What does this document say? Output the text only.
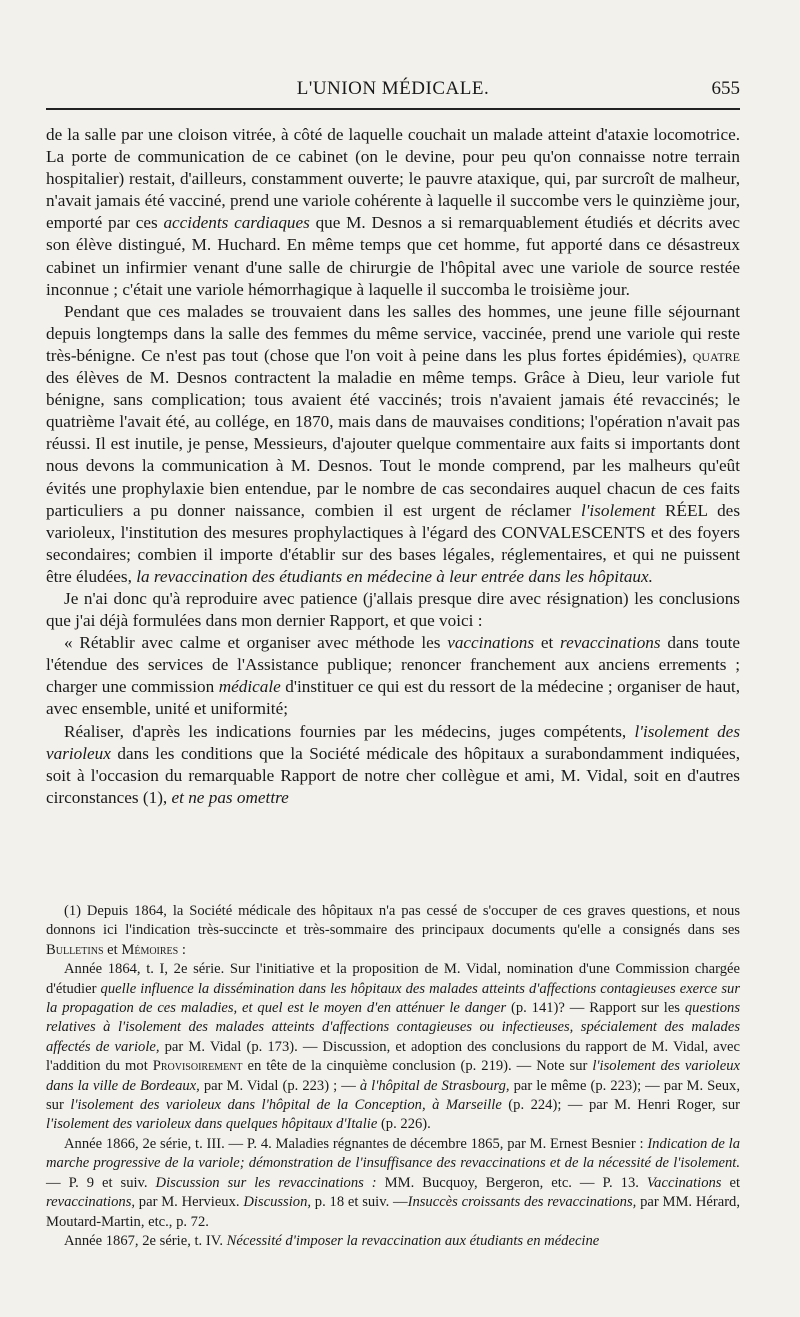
L'UNION MÉDICALE.	655

de la salle par une cloison vitrée, à côté de laquelle couchait un malade atteint d'ataxie locomotrice. La porte de communication de ce cabinet (on le devine, pour peu qu'on connaisse notre terrain hospitalier) restait, d'ailleurs, constamment ouverte; le pauvre ataxique, qui, par surcroît de malheur, n'avait jamais été vacciné, prend une variole cohérente à laquelle il succombe vers le quinzième jour, emporté par ces accidents cardiaques que M. Desnos a si remarquablement étudiés et décrits avec son élève distingué, M. Huchard. En même temps que cet homme, fut apporté dans ce désastreux cabinet un infirmier venant d'une salle de chirurgie de l'hôpital avec une variole de source restée inconnue ; c'était une variole hémorrhagique à laquelle il succomba le troisième jour.

Pendant que ces malades se trouvaient dans les salles des hommes, une jeune fille séjournant depuis longtemps dans la salle des femmes du même service, vaccinée, prend une variole qui reste très-bénigne. Ce n'est pas tout (chose que l'on voit à peine dans les plus fortes épidémies), quatre des élèves de M. Desnos contractent la maladie en même temps. Grâce à Dieu, leur variole fut bénigne, sans complication; tous avaient été vaccinés; trois n'avaient jamais été revaccinés; le quatrième l'avait été, au collége, en 1870, mais dans de mauvaises conditions; l'opération n'avait pas réussi. Il est inutile, je pense, Messieurs, d'ajouter quelque commentaire aux faits si importants dont nous devons la communication à M. Desnos. Tout le monde comprend, par les malheurs qu'eût évités une prophylaxie bien entendue, par le nombre de cas secondaires auquel chacun de ces faits particuliers a pu donner naissance, combien il est urgent de réclamer l'isolement RÉEL des varioleux, l'institution des mesures prophylactiques à l'égard des CONVALESCENTS et des foyers secondaires; combien il importe d'établir sur des bases légales, réglementaires, et qui ne puissent être éludées, la revaccination des étudiants en médecine à leur entrée dans les hôpitaux.

Je n'ai donc qu'à reproduire avec patience (j'allais presque dire avec résignation) les conclusions que j'ai déjà formulées dans mon dernier Rapport, et que voici :

« Rétablir avec calme et organiser avec méthode les vaccinations et revaccinations dans toute l'étendue des services de l'Assistance publique; renoncer franchement aux anciens errements ; charger une commission médicale d'instituer ce qui est du ressort de la médecine ; organiser de haut, avec ensemble, unité et uniformité;

Réaliser, d'après les indications fournies par les médecins, juges compétents, l'isolement des varioleux dans les conditions que la Société médicale des hôpitaux a surabondamment indiquées, soit à l'occasion du remarquable Rapport de notre cher collègue et ami, M. Vidal, soit en d'autres circonstances (1), et ne pas omettre

(1) Depuis 1864, la Société médicale des hôpitaux n'a pas cessé de s'occuper de ces graves questions, et nous donnons ici l'indication très-succincte et très-sommaire des principaux documents qu'elle a consignés dans ses Bulletins et Mémoires :

Année 1864, t. I, 2e série. Sur l'initiative et la proposition de M. Vidal, nomination d'une Commission chargée d'étudier quelle influence la dissémination dans les hôpitaux des malades atteints d'affections contagieuses exerce sur la propagation de ces maladies, et quel est le moyen d'en atténuer le danger (p. 141)? — Rapport sur les questions relatives à l'isolement des malades atteints d'affections contagieuses ou infectieuses, spécialement des malades affectés de variole, par M. Vidal (p. 173). — Discussion, et adoption des conclusions du rapport de M. Vidal, avec l'addition du mot Provisoirement en tête de la cinquième conclusion (p. 219). — Note sur l'isolement des varioleux dans la ville de Bordeaux, par M. Vidal (p. 223) ; — à l'hôpital de Strasbourg, par le même (p. 223); — par M. Seux, sur l'isolement des varioleux dans l'hôpital de la Conception, à Marseille (p. 224); — par M. Henri Roger, sur l'isolement des varioleux dans quelques hôpitaux d'Italie (p. 226).

Année 1866, 2e série, t. III. — P. 4. Maladies régnantes de décembre 1865, par M. Ernest Besnier : Indication de la marche progressive de la variole; démonstration de l'insuffisance des revaccinations et de la nécessité de l'isolement. — P. 9 et suiv. Discussion sur les revaccinations : MM. Bucquoy, Bergeron, etc. — P. 13. Vaccinations et revaccinations, par M. Hervieux. Discussion, p. 18 et suiv. —Insuccès croissants des revaccinations, par MM. Hérard, Moutard-Martin, etc., p. 72.

Année 1867, 2e série, t. IV. Nécessité d'imposer la revaccination aux étudiants en médecine
